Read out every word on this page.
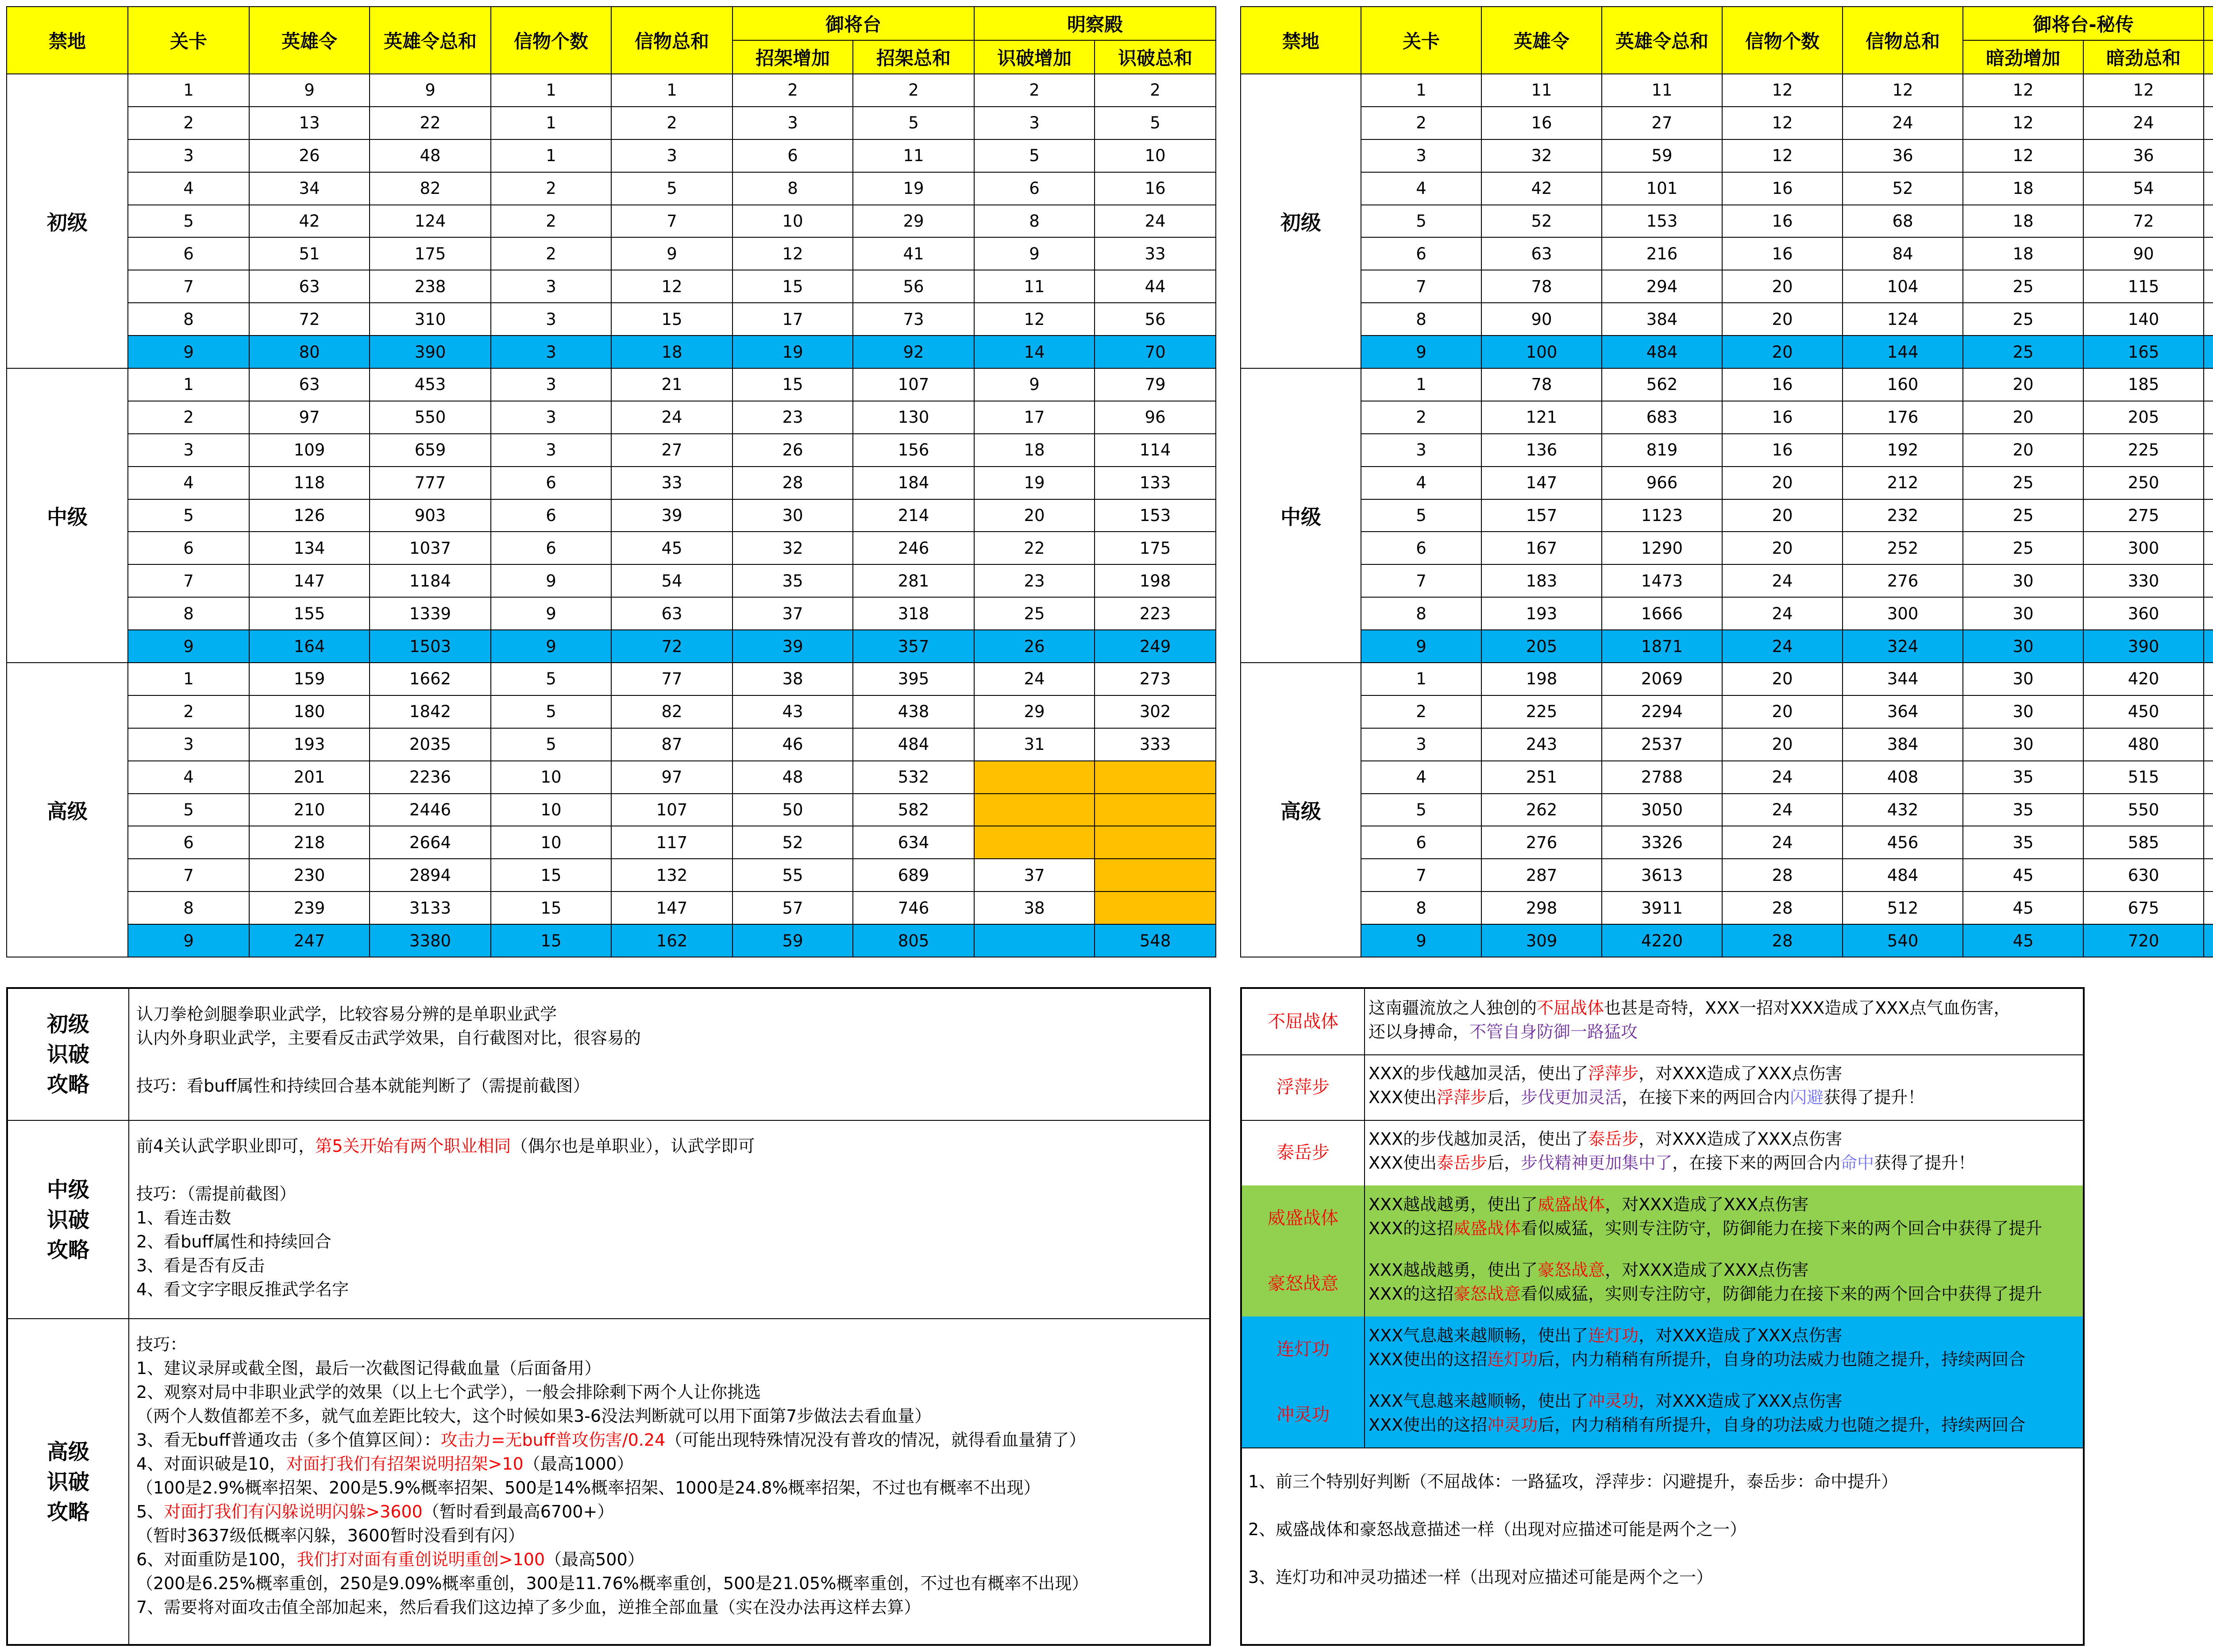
禁地	关卡	英雄令	英雄令总和	信物个数	信物总和	御将台		明察殿	
						招架增加	招架总和	识破增加	识破总和
初级	1	9	9	1	1	2	2	2	2
	2	13	22	1	2	3	5	3	5
	3	26	48	1	3	6	11	5	10
	4	34	82	2	5	8	19	6	16
	5	42	124	2	7	10	29	8	24
	6	51	175	2	9	12	41	9	33
	7	63	238	3	12	15	56	11	44
	8	72	310	3	15	17	73	12	56
	9	80	390	3	18	19	92	14	70
中级	1	63	453	3	21	15	107	9	79
	2	97	550	3	24	23	130	17	96
	3	109	659	3	27	26	156	18	114
	4	118	777	6	33	28	184	19	133
	5	126	903	6	39	30	214	20	153
	6	134	1037	6	45	32	246	22	175
	7	147	1184	9	54	35	281	23	198
	8	155	1339	9	63	37	318	25	223
	9	164	1503	9	72	39	357	26	249
高级	1	159	1662	5	77	38	395	24	273
	2	180	1842	5	82	43	438	29	302
	3	193	2035	5	87	46	484	31	333
	4	201	2236	10	97	48	532		
	5	210	2446	10	107	50	582		
	6	218	2664	10	117	52	634		
	7	230	2894	15	132	55	689	37	
	8	239	3133	15	147	57	746	38	
	9	247	3380	15	162	59	805		548
禁地	关卡	英雄令	英雄令总和	信物个数	信物总和	御将台-秘传	
						暗劲增加	暗劲总和		
初级	1	11	11	12	12	12	12		
	2	16	27	12	24	12	24		
	3	32	59	12	36	12	36		
	4	42	101	16	52	18	54		
	5	52	153	16	68	18	72		
	6	63	216	16	84	18	90		
	7	78	294	20	104	25	115		
	8	90	384	20	124	25	140		
	9	100	484	20	144	25	165		
中级	1	78	562	16	160	20	185		
	2	121	683	16	176	20	205		
	3	136	819	16	192	20	225		
	4	147	966	20	212	25	250		
	5	157	1123	20	232	25	275		
	6	167	1290	20	252	25	300		
	7	183	1473	24	276	30	330		
	8	193	1666	24	300	30	360		
	9	205	1871	24	324	30	390		
高级	1	198	2069	20	344	30	420		
	2	225	2294	20	364	30	450		
	3	243	2537	20	384	30	480		
	4	251	2788	24	408	35	515		
	5	262	3050	24	432	35	550		
	6	276	3326	24	456	35	585		
	7	287	3613	28	484	45	630		
	8	298	3911	28	512	45	675		
	9	309	4220	28	540	45	720		
初级
识破
攻略
认刀拳枪剑腿拳职业武学，比较容易分辨的是单职业武学
认内外身职业武学，主要看反击武学效果，自行截图对比，很容易的
技巧：看buff属性和持续回合基本就能判断了（需提前截图）
中级
识破
攻略
前4关认武学职业即可，第5关开始有两个职业相同（偶尔也是单职业），认武学即可
技巧：（需提前截图）
1、看连击数
2、看buff属性和持续回合
3、看是否有反击
4、看文字字眼反推武学名字
高级
识破
攻略
技巧：
1、建议录屏或截全图，最后一次截图记得截血量（后面备用）
2、观察对局中非职业武学的效果（以上七个武学），一般会排除剩下两个人让你挑选
（两个人数值都差不多，就气血差距比较大，这个时候如果3-6没法判断就可以用下面第7步做法去看血量）
3、看无buff普通攻击（多个值算区间）：攻击力=无buff普攻伤害/0.24（可能出现特殊情况没有普攻的情况，就得看血量猜了）
4、对面识破是10，对面打我们有招架说明招架>10（最高1000）
（100是2.9%概率招架、200是5.9%概率招架、500是14%概率招架、1000是24.8%概率招架，不过也有概率不出现）
5、对面打我们有闪躲说明闪躲>3600（暂时看到最高6700+）
（暂时3637级低概率闪躲，3600暂时没看到有闪）
6、对面重防是100，我们打对面有重创说明重创>100（最高500）
（200是6.25%概率重创，250是9.09%概率重创，300是11.76%概率重创，500是21.05%概率重创，不过也有概率不出现）
7、需要将对面攻击值全部加起来，然后看我们这边掉了多少血，逆推全部血量（实在没办法再这样去算）
不屈战体
这南疆流放之人独创的不屈战体也甚是奇特，XXX一招对XXX造成了XXX点气血伤害，
还以身搏命，不管自身防御一路猛攻
浮萍步
XXX的步伐越加灵活，使出了浮萍步，对XXX造成了XXX点伤害
XXX使出浮萍步后，步伐更加灵活，在接下来的两回合内闪避获得了提升！
泰岳步
XXX的步伐越加灵活，使出了泰岳步，对XXX造成了XXX点伤害
XXX使出泰岳步后，步伐精神更加集中了，在接下来的两回合内命中获得了提升！
威盛战体
XXX越战越勇，使出了威盛战体，对XXX造成了XXX点伤害
XXX的这招威盛战体看似威猛，实则专注防守，防御能力在接下来的两个回合中获得了提升
豪怒战意
XXX越战越勇，使出了豪怒战意，对XXX造成了XXX点伤害
XXX的这招豪怒战意看似威猛，实则专注防守，防御能力在接下来的两个回合中获得了提升
连灯功
XXX气息越来越顺畅，使出了连灯功，对XXX造成了XXX点伤害
XXX使出的这招连灯功后，内力稍稍有所提升，自身的功法威力也随之提升，持续两回合
冲灵功
XXX气息越来越顺畅，使出了冲灵功，对XXX造成了XXX点伤害
XXX使出的这招冲灵功后，内力稍稍有所提升，自身的功法威力也随之提升，持续两回合
1、前三个特别好判断（不屈战体：一路猛攻，浮萍步：闪避提升，泰岳步：命中提升）
2、威盛战体和豪怒战意描述一样（出现对应描述可能是两个之一）
3、连灯功和冲灵功描述一样（出现对应描述可能是两个之一）
